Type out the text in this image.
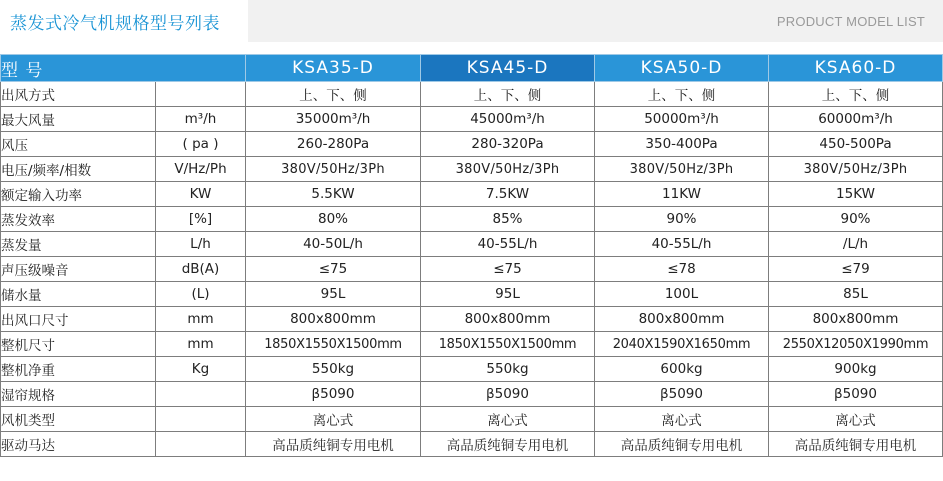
蒸发式冷气机规格型号列表	PRODUCT MODEL LIST
型 号		KSA35-D	KSA45-D	KSA50-D	KSA60-D
出风方式		上、下、侧	上、下、侧	上、下、侧	上、下、侧
最大风量	m³/h	35000m³/h	45000m³/h	50000m³/h	60000m³/h
风压	( pa )	260-280Pa	280-320Pa	350-400Pa	450-500Pa
电压/频率/相数	V/Hz/Ph	380V/50Hz/3Ph	380V/50Hz/3Ph	380V/50Hz/3Ph	380V/50Hz/3Ph
额定输入功率	KW	5.5KW	7.5KW	11KW	15KW
蒸发效率	[%]	80%	85%	90%	90%
蒸发量	L/h	40-50L/h	40-55L/h	40-55L/h	/L/h
声压级噪音	dB(A)	≤75	≤75	≤78	≤79
储水量	(L)	95L	95L	100L	85L
出风口尺寸	mm	800x800mm	800x800mm	800x800mm	800x800mm
整机尺寸	mm	1850X1550X1500mm	1850X1550X1500mm	2040X1590X1650mm	2550X12050X1990mm
整机净重	Kg	550kg	550kg	600kg	900kg
湿帘规格		β5090	β5090	β5090	β5090
风机类型		离心式	离心式	离心式	离心式
驱动马达		高品质纯铜专用电机	高品质纯铜专用电机	高品质纯铜专用电机	高品质纯铜专用电机
